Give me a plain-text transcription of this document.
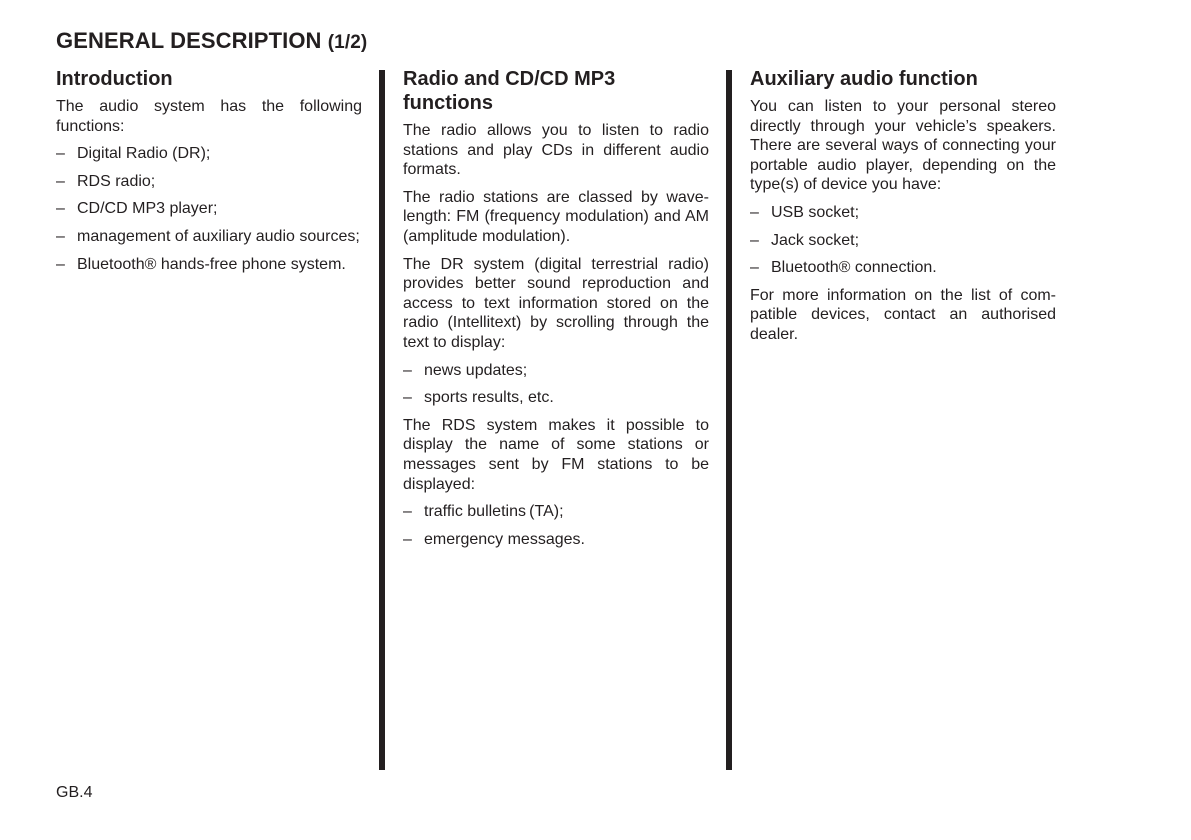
GENERAL DESCRIPTION (1/2)
Introduction

The audio system has the following functions:

– Digital Radio (DR);
– RDS radio;
– CD/CD MP3 player;
– management of auxiliary audio sources;
– Bluetooth® hands-free phone system.
Radio and CD/CD MP3 functions

The radio allows you to listen to radio stations and play CDs in different audio formats.

The radio stations are classed by wavelength: FM (frequency modulation) and AM (amplitude modulation).

The DR system (digital terrestrial radio) provides better sound reproduction and access to text information stored on the radio (Intellitext) by scrolling through the text to display:

– news updates;
– sports results, etc.

The RDS system makes it possible to display the name of some stations or messages sent by FM stations to be displayed:

– traffic bulletins (TA);
– emergency messages.
Auxiliary audio function

You can listen to your personal stereo directly through your vehicle’s speakers. There are several ways of connecting your portable audio player, depending on the type(s) of device you have:

– USB socket;
– Jack socket;
– Bluetooth® connection.

For more information on the list of compatible devices, contact an authorised dealer.

GB.4
